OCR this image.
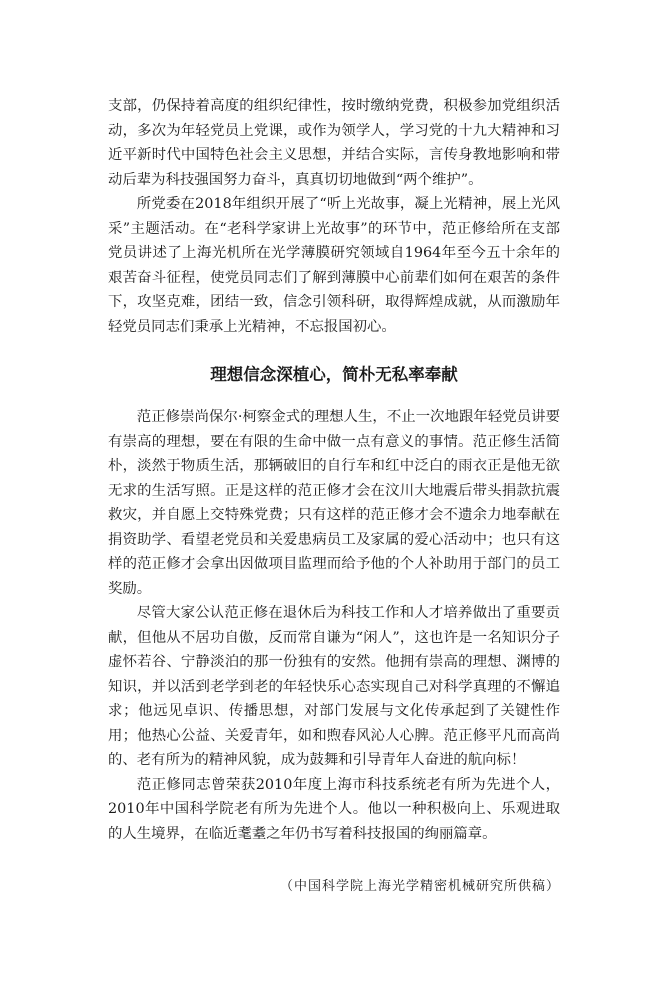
支部，仍保持着高度的组织纪律性，按时缴纳党费，积极参加党组织活动，多次为年轻党员上党课，或作为领学人，学习党的十九大精神和习近平新时代中国特色社会主义思想，并结合实际，言传身教地影响和带动后辈为科技强国努力奋斗，真真切切地做到“两个维护”。

所党委在2018年组织开展了“听上光故事，凝上光精神，展上光风采”主题活动。在“老科学家讲上光故事”的环节中，范正修给所在支部党员讲述了上海光机所在光学薄膜研究领域自1964年至今五十余年的艰苦奋斗征程，使党员同志们了解到薄膜中心前辈们如何在艰苦的条件下，攻坚克难，团结一致，信念引领科研，取得辉煌成就，从而激励年轻党员同志们秉承上光精神，不忘报国初心。

理想信念深植心，简朴无私率奉献

范正修崇尚保尔·柯察金式的理想人生，不止一次地跟年轻党员讲要有崇高的理想，要在有限的生命中做一点有意义的事情。范正修生活简朴，淡然于物质生活，那辆破旧的自行车和红中泛白的雨衣正是他无欲无求的生活写照。正是这样的范正修才会在汶川大地震后带头捐款抗震救灾，并自愿上交特殊党费；只有这样的范正修才会不遗余力地奉献在捐资助学、看望老党员和关爱患病员工及家属的爱心活动中；也只有这样的范正修才会拿出因做项目监理而给予他的个人补助用于部门的员工奖励。

尽管大家公认范正修在退休后为科技工作和人才培养做出了重要贡献，但他从不居功自傲，反而常自谦为“闲人”，这也许是一名知识分子虚怀若谷、宁静淡泊的那一份独有的安然。他拥有崇高的理想、渊博的知识，并以活到老学到老的年轻快乐心态实现自己对科学真理的不懈追求；他远见卓识、传播思想，对部门发展与文化传承起到了关键性作用；他热心公益、关爱青年，如和煦春风沁人心脾。范正修平凡而高尚的、老有所为的精神风貌，成为鼓舞和引导青年人奋进的航向标！

范正修同志曾荣获2010年度上海市科技系统老有所为先进个人，2010年中国科学院老有所为先进个人。他以一种积极向上、乐观进取的人生境界，在临近耄耋之年仍书写着科技报国的绚丽篇章。

（中国科学院上海光学精密机械研究所供稿）
